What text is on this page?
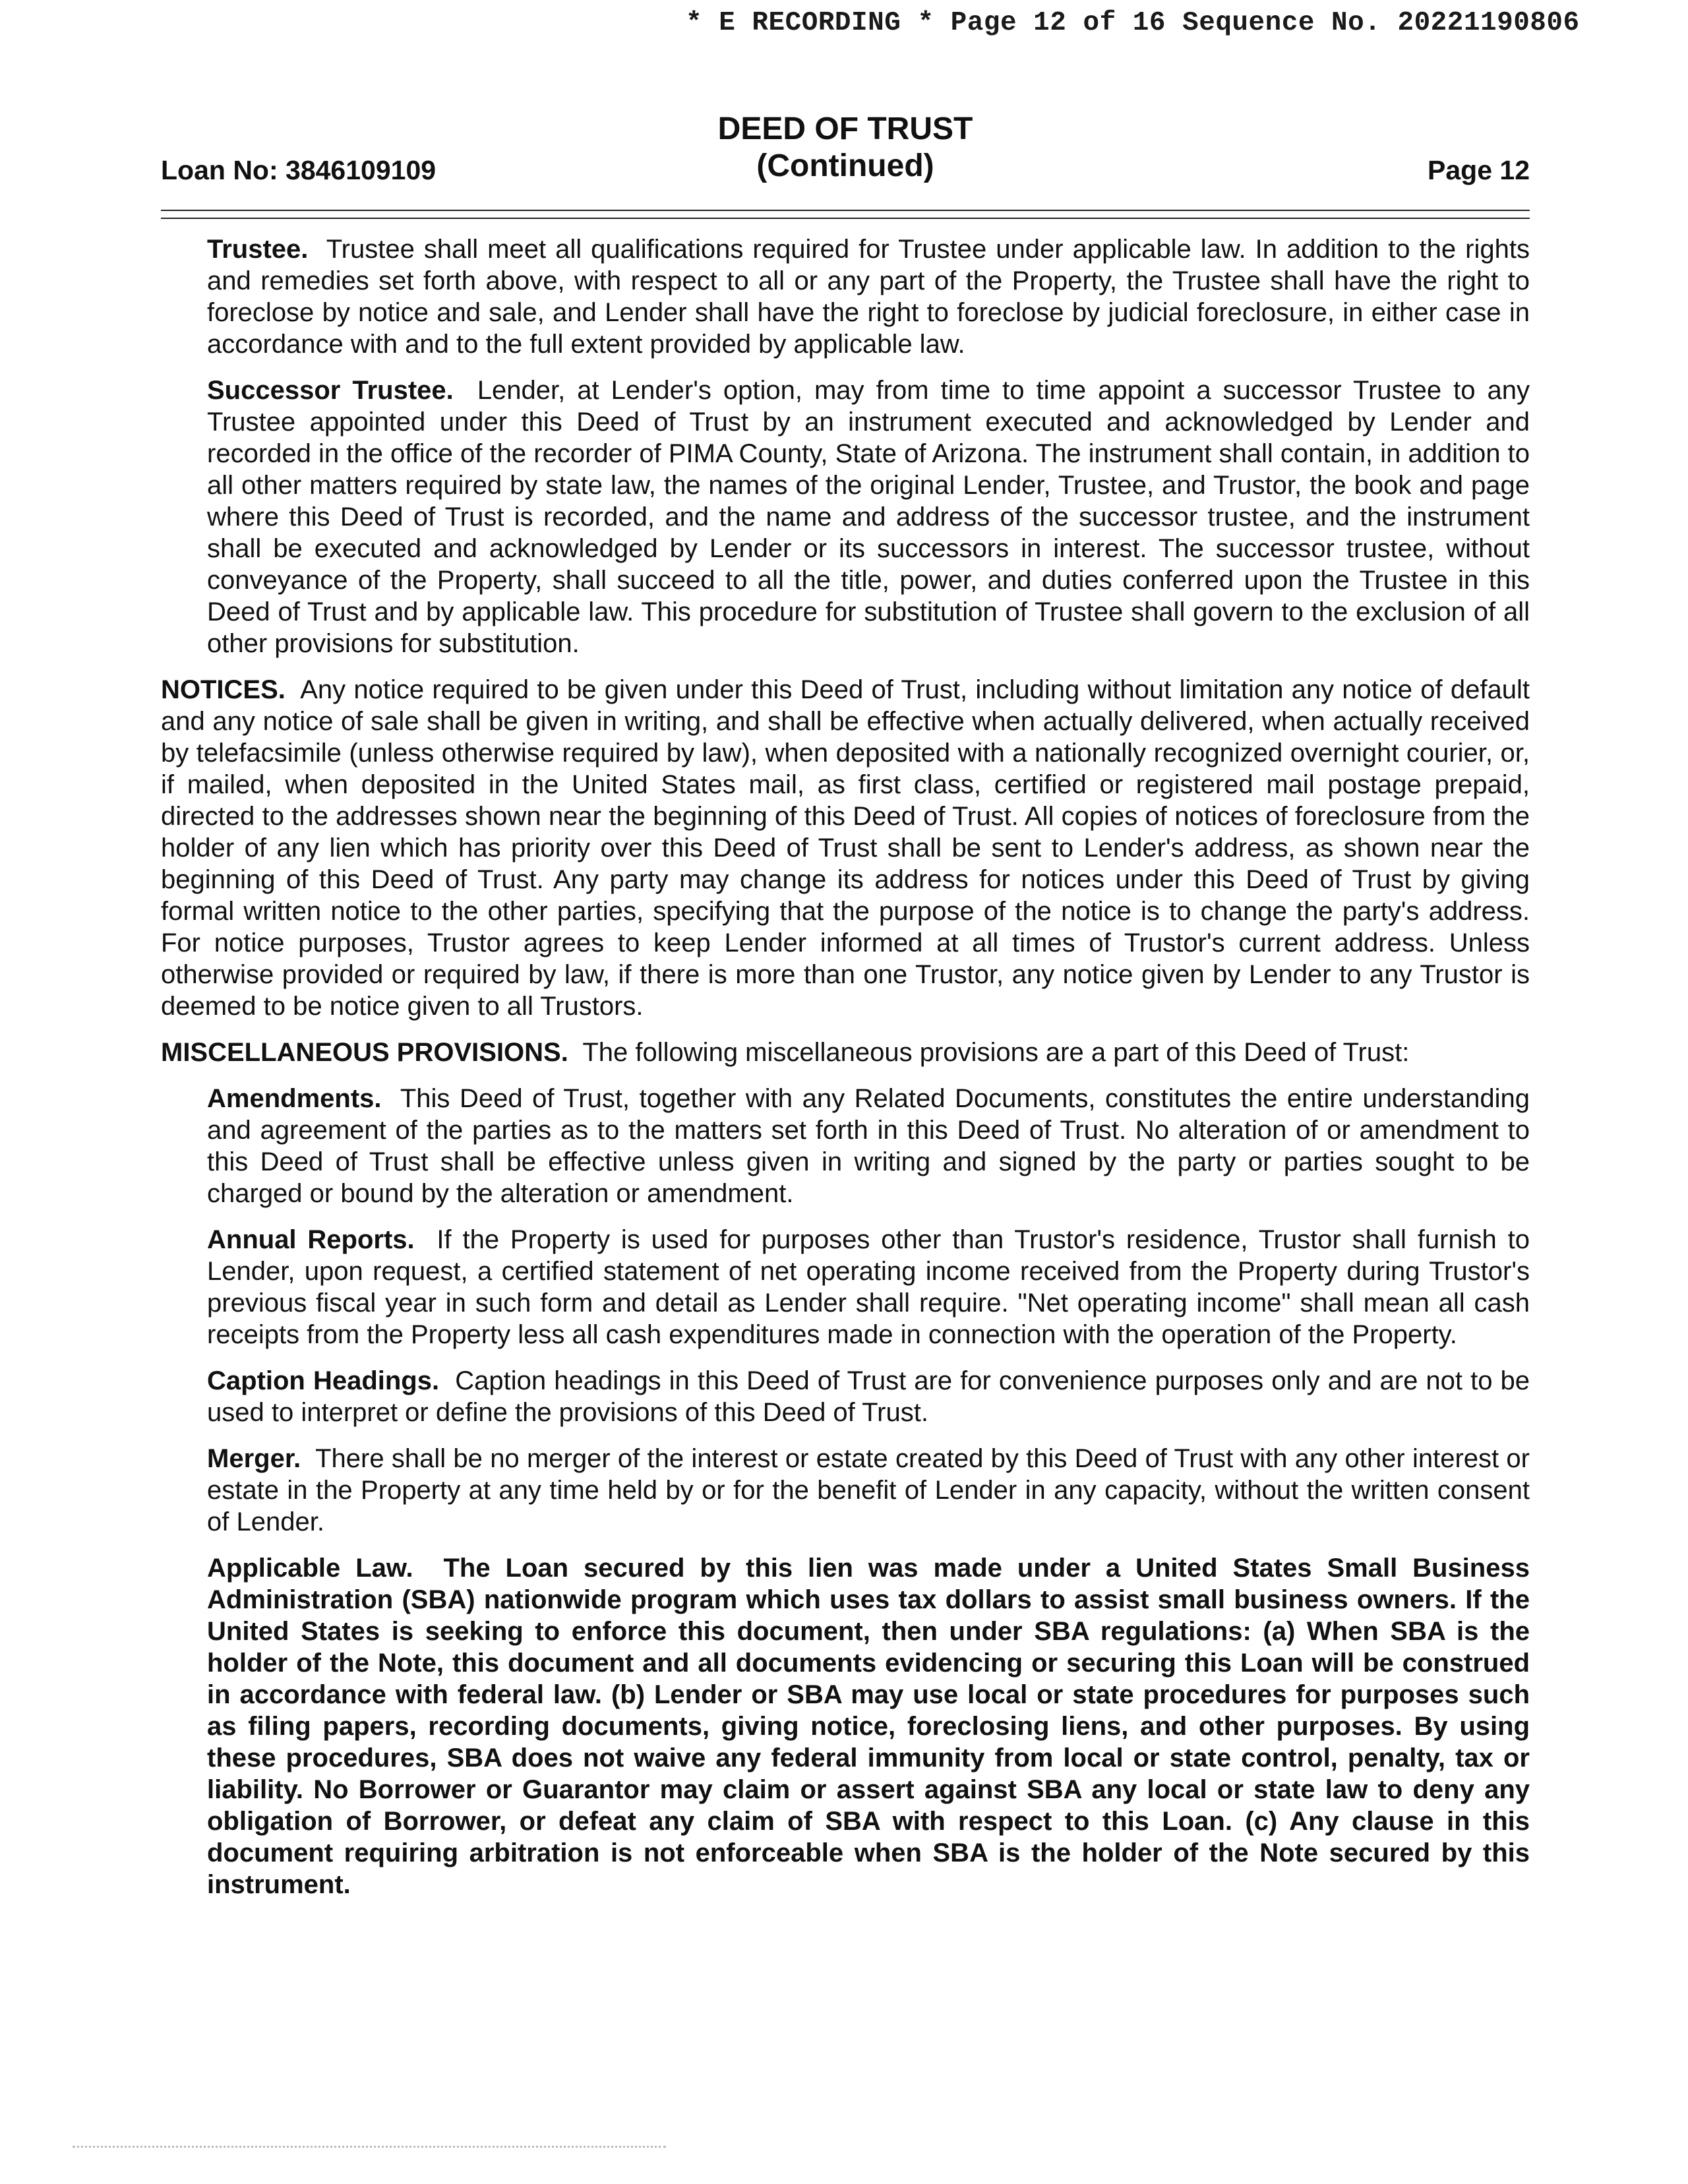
* E RECORDING * Page 12 of 16 Sequence No. 20221190806
Loan No: 3846109109
DEED OF TRUST
(Continued)	Page 12

Trustee. Trustee shall meet all qualifications required for Trustee under applicable law. In addition to the rights and remedies set forth above, with respect to all or any part of the Property, the Trustee shall have the right to foreclose by notice and sale, and Lender shall have the right to foreclose by judicial foreclosure, in either case in accordance with and to the full extent provided by applicable law.

Successor Trustee. Lender, at Lender's option, may from time to time appoint a successor Trustee to any Trustee appointed under this Deed of Trust by an instrument executed and acknowledged by Lender and recorded in the office of the recorder of PIMA County, State of Arizona. The instrument shall contain, in addition to all other matters required by state law, the names of the original Lender, Trustee, and Trustor, the book and page where this Deed of Trust is recorded, and the name and address of the successor trustee, and the instrument shall be executed and acknowledged by Lender or its successors in interest. The successor trustee, without conveyance of the Property, shall succeed to all the title, power, and duties conferred upon the Trustee in this Deed of Trust and by applicable law. This procedure for substitution of Trustee shall govern to the exclusion of all other provisions for substitution.

NOTICES. Any notice required to be given under this Deed of Trust, including without limitation any notice of default and any notice of sale shall be given in writing, and shall be effective when actually delivered, when actually received by telefacsimile (unless otherwise required by law), when deposited with a nationally recognized overnight courier, or, if mailed, when deposited in the United States mail, as first class, certified or registered mail postage prepaid, directed to the addresses shown near the beginning of this Deed of Trust. All copies of notices of foreclosure from the holder of any lien which has priority over this Deed of Trust shall be sent to Lender's address, as shown near the beginning of this Deed of Trust. Any party may change its address for notices under this Deed of Trust by giving formal written notice to the other parties, specifying that the purpose of the notice is to change the party's address. For notice purposes, Trustor agrees to keep Lender informed at all times of Trustor's current address. Unless otherwise provided or required by law, if there is more than one Trustor, any notice given by Lender to any Trustor is deemed to be notice given to all Trustors.

MISCELLANEOUS PROVISIONS. The following miscellaneous provisions are a part of this Deed of Trust:

Amendments. This Deed of Trust, together with any Related Documents, constitutes the entire understanding and agreement of the parties as to the matters set forth in this Deed of Trust. No alteration of or amendment to this Deed of Trust shall be effective unless given in writing and signed by the party or parties sought to be charged or bound by the alteration or amendment.

Annual Reports. If the Property is used for purposes other than Trustor's residence, Trustor shall furnish to Lender, upon request, a certified statement of net operating income received from the Property during Trustor's previous fiscal year in such form and detail as Lender shall require. "Net operating income" shall mean all cash receipts from the Property less all cash expenditures made in connection with the operation of the Property.

Caption Headings. Caption headings in this Deed of Trust are for convenience purposes only and are not to be used to interpret or define the provisions of this Deed of Trust.

Merger. There shall be no merger of the interest or estate created by this Deed of Trust with any other interest or estate in the Property at any time held by or for the benefit of Lender in any capacity, without the written consent of Lender.

Applicable Law. The Loan secured by this lien was made under a United States Small Business Administration (SBA) nationwide program which uses tax dollars to assist small business owners. If the United States is seeking to enforce this document, then under SBA regulations: (a) When SBA is the holder of the Note, this document and all documents evidencing or securing this Loan will be construed in accordance with federal law. (b) Lender or SBA may use local or state procedures for purposes such as filing papers, recording documents, giving notice, foreclosing liens, and other purposes. By using these procedures, SBA does not waive any federal immunity from local or state control, penalty, tax or liability. No Borrower or Guarantor may claim or assert against SBA any local or state law to deny any obligation of Borrower, or defeat any claim of SBA with respect to this Loan. (c) Any clause in this document requiring arbitration is not enforceable when SBA is the holder of the Note secured by this instrument.
